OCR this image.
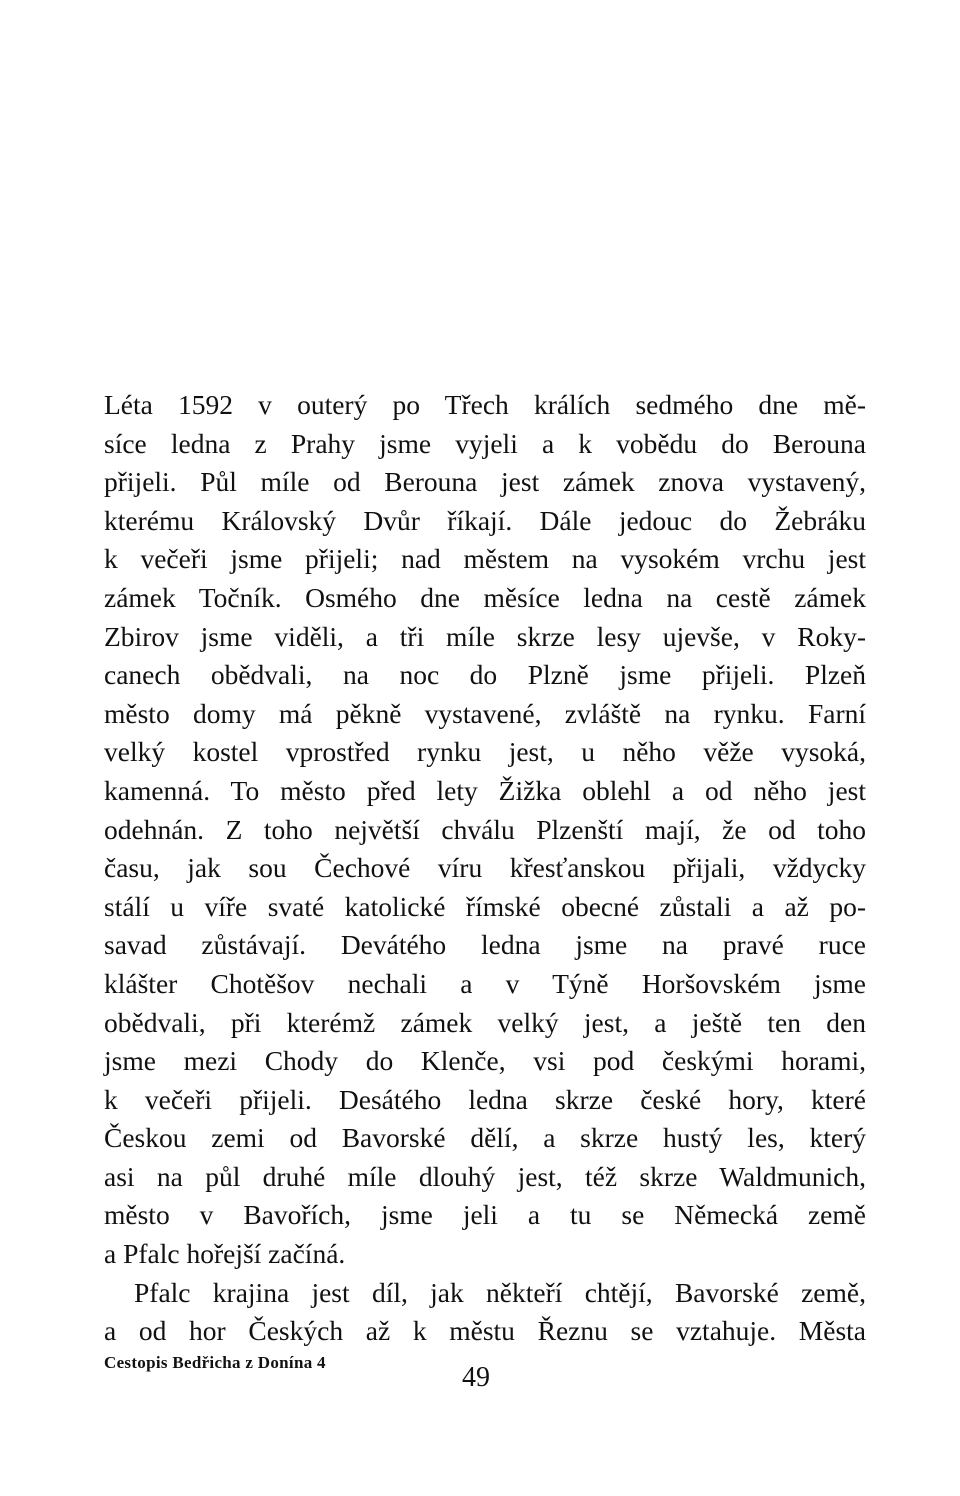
Léta 1592 v outerý po Třech králích sedmého dne mě-
síce ledna z Prahy jsme vyjeli a k vobědu do Berouna
přijeli. Půl míle od Berouna jest zámek znova vystavený,
kterému Královský Dvůr říkají. Dále jedouc do Žebráku
k večeři jsme přijeli; nad městem na vysokém vrchu jest
zámek Točník. Osmého dne měsíce ledna na cestě zámek
Zbirov jsme viděli, a tři míle skrze lesy ujevše, v Roky-
canech obědvali, na noc do Plzně jsme přijeli. Plzeň
město domy má pěkně vystavené, zvláště na rynku. Farní
velký kostel vprostřed rynku jest, u něho věže vysoká,
kamenná. To město před lety Žižka oblehl a od něho jest
odehnán. Z toho největší chválu Plzenští mají, že od toho
času, jak sou Čechové víru křesťanskou přijali, vždycky
stálí u víře svaté katolické římské obecné zůstali a až po-
savad zůstávají. Devátého ledna jsme na pravé ruce
klášter Chotěšov nechali a v Týně Horšovském jsme
obědvali, při kterémž zámek velký jest, a ještě ten den
jsme mezi Chody do Klenče, vsi pod českými horami,
k večeři přijeli. Desátého ledna skrze české hory, které
Českou zemi od Bavorské dělí, a skrze hustý les, který
asi na půl druhé míle dlouhý jest, též skrze Waldmunich,
město v Bavořích, jsme jeli a tu se Německá země
a Pfalc hořejší začíná.
Pfalc krajina jest díl, jak někteří chtějí, Bavorské země,
a od hor Českých až k městu Řeznu se vztahuje. Města
Cestopis Bedřicha z Donína 4	49
